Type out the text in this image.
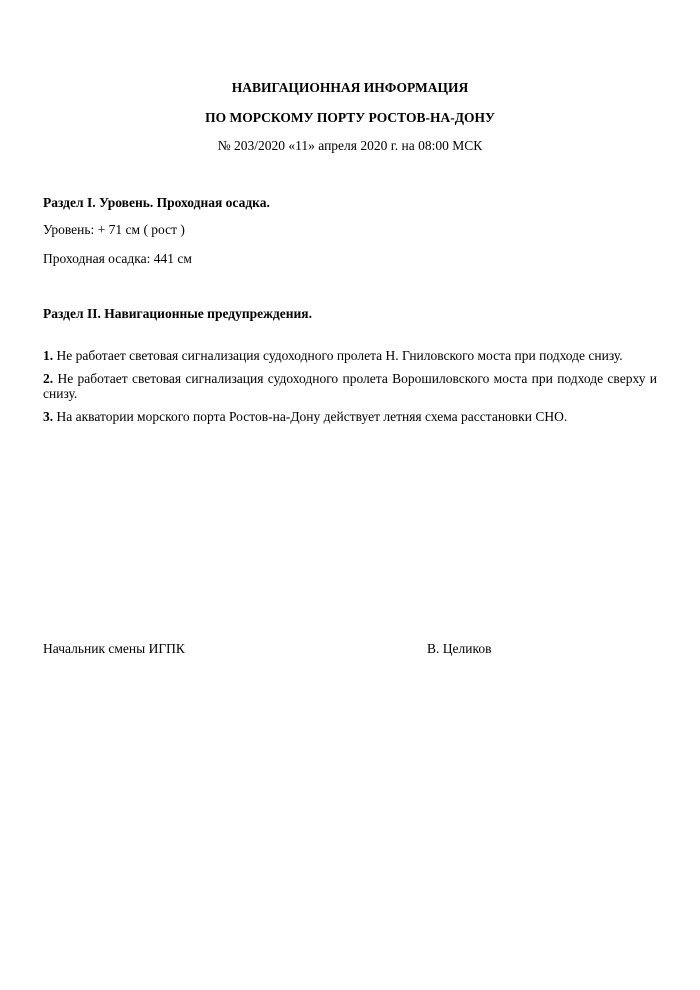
НАВИГАЦИОННАЯ ИНФОРМАЦИЯ
ПО МОРСКОМУ ПОРТУ РОСТОВ-НА-ДОНУ
№ 203/2020 «11» апреля 2020 г. на 08:00 МСК
Раздел I. Уровень. Проходная осадка.
Уровень: + 71 см ( рост )
Проходная осадка: 441 см
Раздел II. Навигационные предупреждения.

1. Не работает световая сигнализация судоходного пролета Н. Гниловского моста при подходе снизу.

2. Не работает световая сигнализация судоходного пролета Ворошиловского моста при подходе сверху и снизу.

3. На акватории морского порта Ростов-на-Дону действует летняя схема расстановки СНО.

Начальник смены ИГПК	В. Целиков
